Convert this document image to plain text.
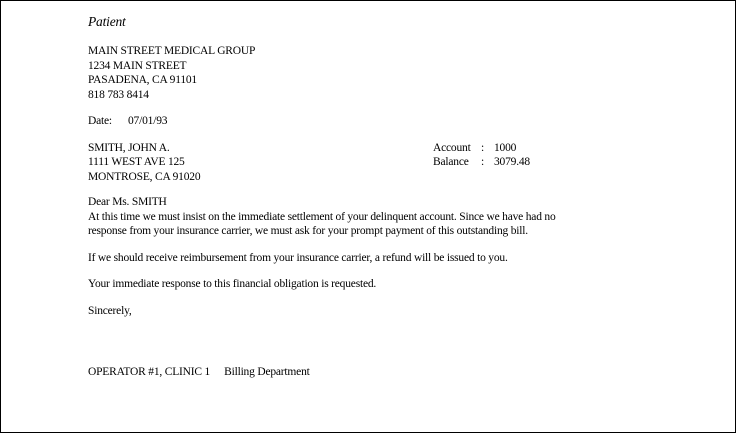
Patient
MAIN STREET MEDICAL GROUP
1234 MAIN STREET
PASADENA, CA 91101
818 783 8414
Date: 07/01/93
SMITH, JOHN A.
1111 WEST AVE 125
MONTROSE, CA 91020
Account : 1000
Balance : 3079.48
Dear Ms. SMITH
At this time we must insist on the immediate settlement of your delinquent account. Since we have had no
response from your insurance carrier, we must ask for your prompt payment of this outstanding bill.
If we should receive reimbursement from your insurance carrier, a refund will be issued to you.
Your immediate response to this financial obligation is requested.
Sincerely,
OPERATOR #1, CLINIC 1 Billing Department
